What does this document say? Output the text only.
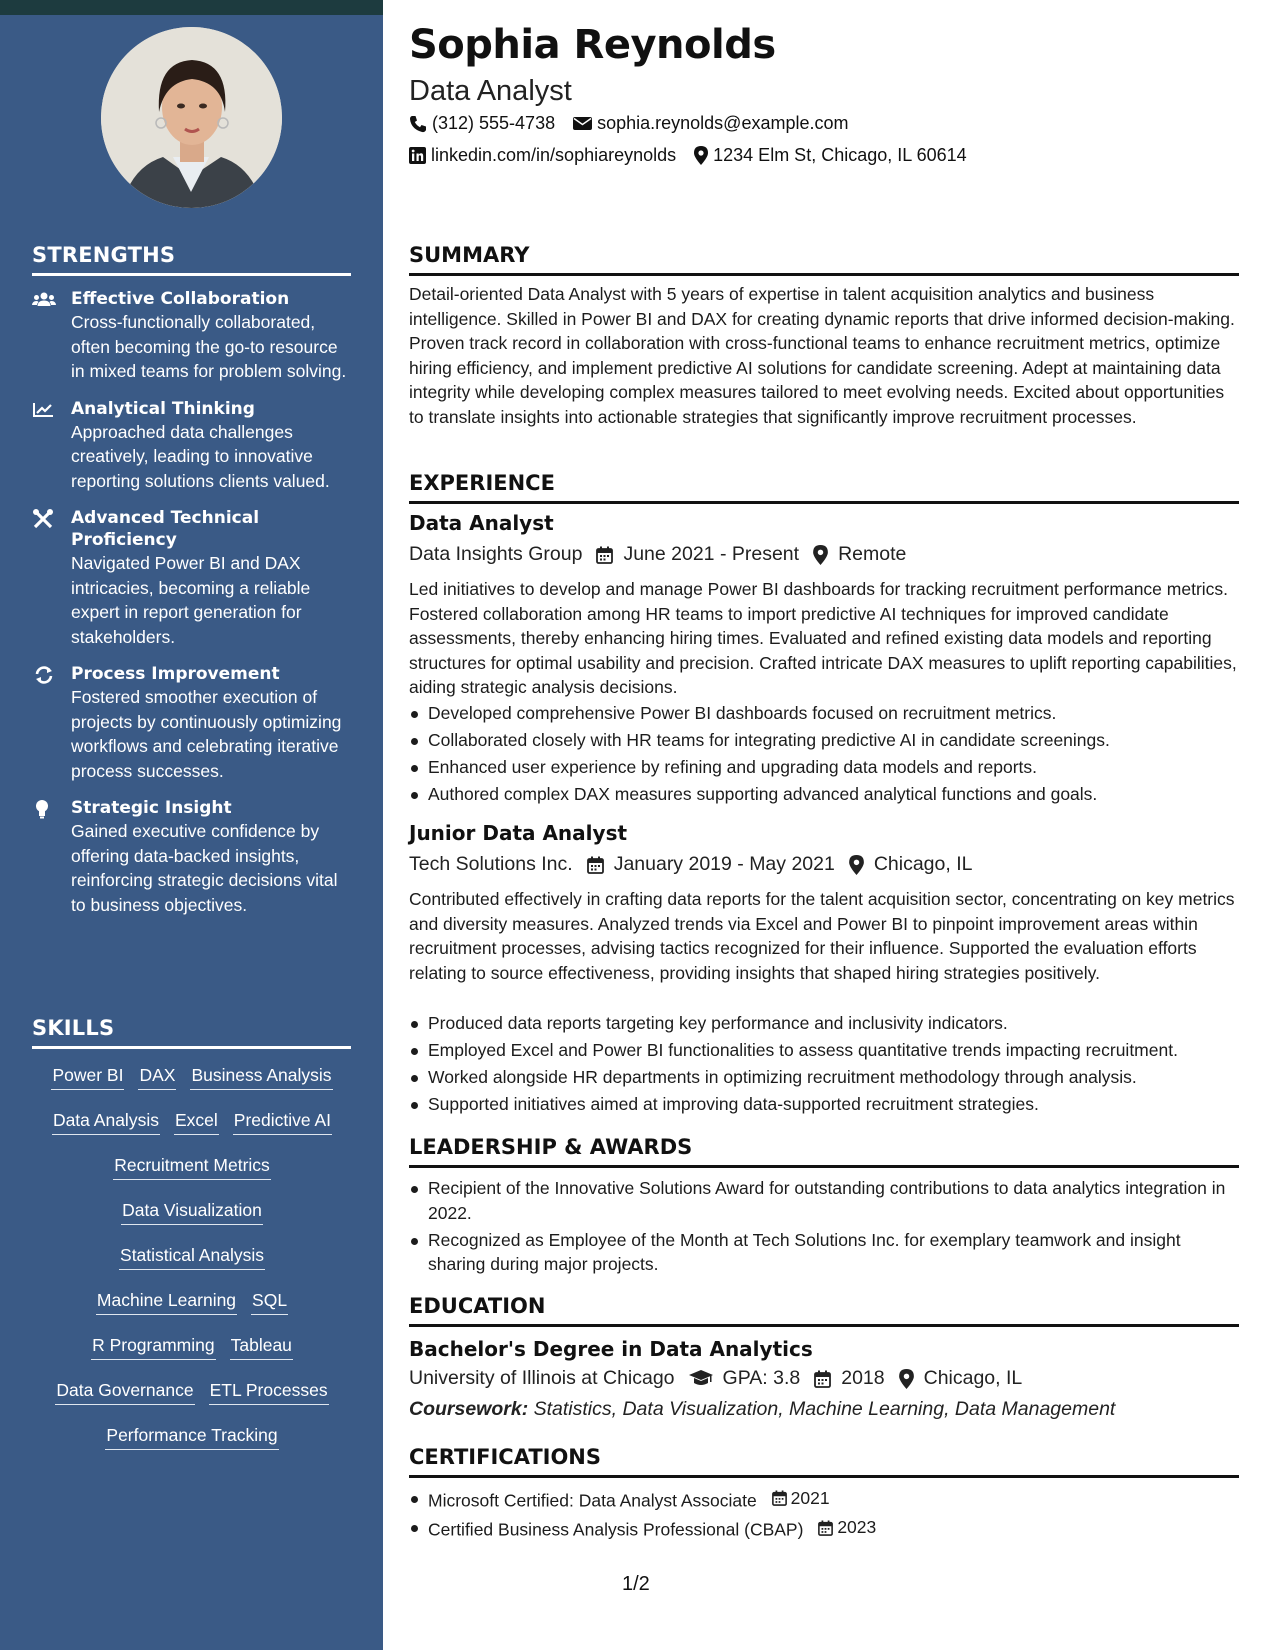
STRENGTHS
Effective Collaboration
Cross-functionally collaborated, often becoming the go-to resource in mixed teams for problem solving.
Analytical Thinking
Approached data challenges creatively, leading to innovative reporting solutions clients valued.
Advanced Technical Proficiency
Navigated Power BI and DAX intricacies, becoming a reliable expert in report generation for stakeholders.
Process Improvement
Fostered smoother execution of projects by continuously optimizing workflows and celebrating iterative process successes.
Strategic Insight
Gained executive confidence by offering data-backed insights, reinforcing strategic decisions vital to business objectives.
SKILLS
Power BI DAX Business Analysis
Data Analysis Excel Predictive AI
Recruitment Metrics
Data Visualization
Statistical Analysis
Machine Learning SQL
R Programming Tableau
Data Governance ETL Processes
Performance Tracking
Sophia Reynolds
Data Analyst
(312) 555-4738 sophia.reynolds@example.com
linkedin.com/in/sophiareynolds 1234 Elm St, Chicago, IL 60614
SUMMARY
Detail-oriented Data Analyst with 5 years of expertise in talent acquisition analytics and business intelligence. Skilled in Power BI and DAX for creating dynamic reports that drive informed decision-making. Proven track record in collaboration with cross-functional teams to enhance recruitment metrics, optimize hiring efficiency, and implement predictive AI solutions for candidate screening. Adept at maintaining data integrity while developing complex measures tailored to meet evolving needs. Excited about opportunities to translate insights into actionable strategies that significantly improve recruitment processes.
EXPERIENCE
Data Analyst
Data Insights Group June 2021 - Present Remote
Led initiatives to develop and manage Power BI dashboards for tracking recruitment performance metrics. Fostered collaboration among HR teams to import predictive AI techniques for improved candidate assessments, thereby enhancing hiring times. Evaluated and refined existing data models and reporting structures for optimal usability and precision. Crafted intricate DAX measures to uplift reporting capabilities, aiding strategic analysis decisions.
Developed comprehensive Power BI dashboards focused on recruitment metrics.
Collaborated closely with HR teams for integrating predictive AI in candidate screenings.
Enhanced user experience by refining and upgrading data models and reports.
Authored complex DAX measures supporting advanced analytical functions and goals.
Junior Data Analyst
Tech Solutions Inc. January 2019 - May 2021 Chicago, IL
Contributed effectively in crafting data reports for the talent acquisition sector, concentrating on key metrics and diversity measures. Analyzed trends via Excel and Power BI to pinpoint improvement areas within recruitment processes, advising tactics recognized for their influence. Supported the evaluation efforts relating to source effectiveness, providing insights that shaped hiring strategies positively.
Produced data reports targeting key performance and inclusivity indicators.
Employed Excel and Power BI functionalities to assess quantitative trends impacting recruitment.
Worked alongside HR departments in optimizing recruitment methodology through analysis.
Supported initiatives aimed at improving data-supported recruitment strategies.
LEADERSHIP & AWARDS
Recipient of the Innovative Solutions Award for outstanding contributions to data analytics integration in 2022.
Recognized as Employee of the Month at Tech Solutions Inc. for exemplary teamwork and insight sharing during major projects.
EDUCATION
Bachelor's Degree in Data Analytics
University of Illinois at Chicago GPA: 3.8 2018 Chicago, IL
Coursework: Statistics, Data Visualization, Machine Learning, Data Management
CERTIFICATIONS
Microsoft Certified: Data Analyst Associate 2021
Certified Business Analysis Professional (CBAP) 2023
1/2
